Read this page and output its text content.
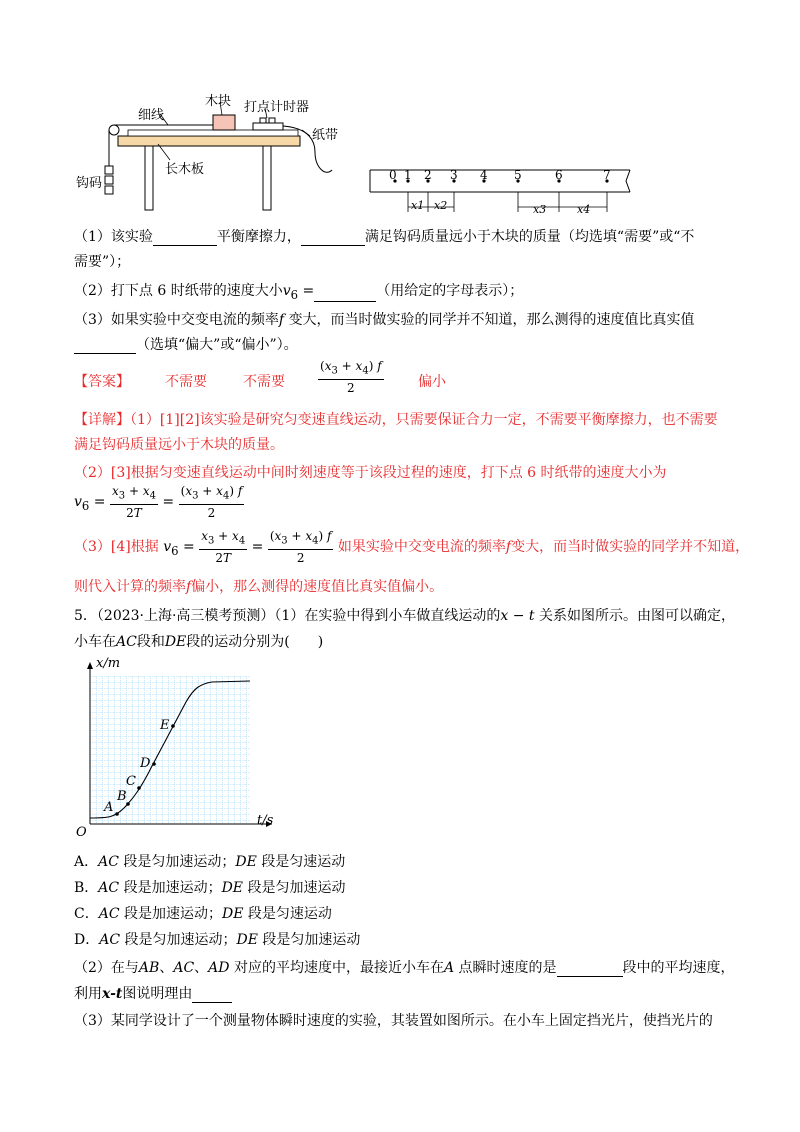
细线
木块 打点计时器
纸带
长木板
钩码
0 1 2 3 4 5	6	7
x1 x2	x3	x4
（1）该实验	平衡摩擦力，	满足钩码质量远小于木块的质量（均选填“需要”或“不
需要”）；
（2）打下点 6 时纸带的速度大小$v_6$ =	（用给定的字母表示）；
（3）如果实验中交变电流的频率f 变大，而当时做实验的同学并不知道，那么测得的速度值比真实值
（选填“偏大”或“偏小”）。
【答案】	不需要	不需要	$\frac{(x_3 + x_4) f}{2}$ 偏小
【详解】（1）[1][2]该实验是研究匀变速直线运动，只需要保证合力一定，不需要平衡摩擦力，也不需要
满足钩码质量远小于木块的质量。
（2）[3]根据匀变速直线运动中间时刻速度等于该段过程的速度，打下点 6 时纸带的速度大小为
$v_6 = \frac{x_3 + x_4}{2T} = \frac{(x_3 + x_4) f}{2}$
（3）[4]根据 $v_6 = \frac{x_3 + x_4}{2T} = \frac{(x_3 + x_4) f}{2}$ 如果实验中交变电流的频率f变大，而当时做实验的同学并不知道，
则代入计算的频率f偏小，那么测得的速度值比真实值偏小。
5．（2023·上海·高三模考预测）（1）在实验中得到小车做直线运动的x − t 关系如图所示。由图可以确定，
小车在AC段和DE段的运动分别为(　　)
x/m
t/s
O
A
B
C
D
E
A．AC 段是匀加速运动；DE 段是匀速运动
B．AC 段是加速运动；DE 段是匀加速运动
C．AC 段是加速运动；DE 段是匀速运动
D．AC 段是匀加速运动；DE 段是匀加速运动
（2）在与AB、AC、AD 对应的平均速度中，最接近小车在A 点瞬时速度的是	段中的平均速度，
利用x-t图说明理由
（3）某同学设计了一个测量物体瞬时速度的实验，其装置如图所示。在小车上固定挡光片，使挡光片的
